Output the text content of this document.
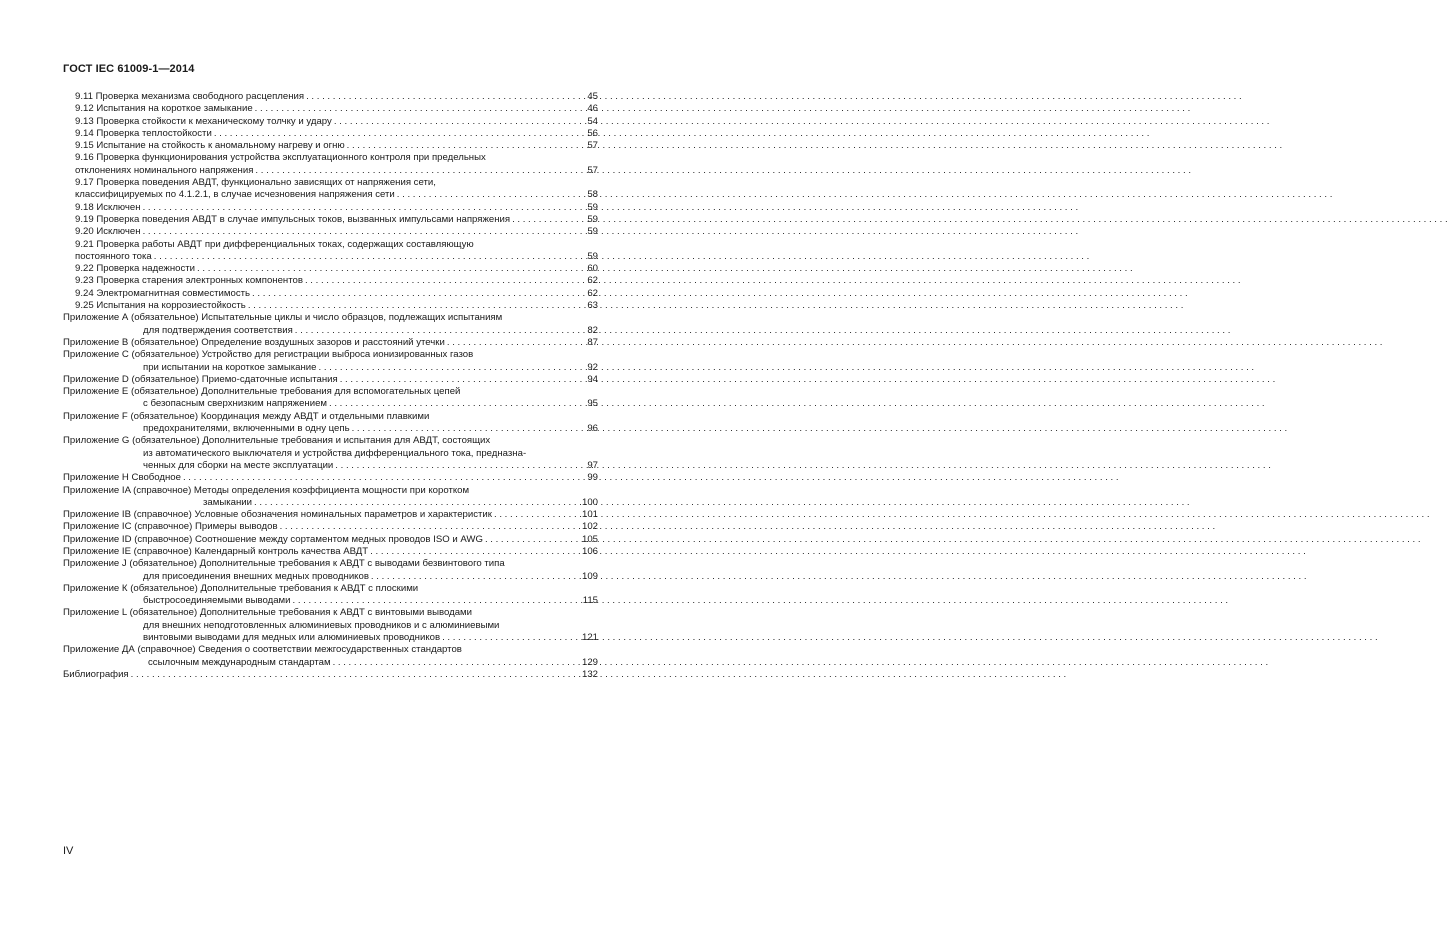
ГОСТ IEC 61009-1—2014
9.11 Проверка механизма свободного расцепления . . .	45
9.12 Испытания на короткое замыкание . . .	46
9.13 Проверка стойкости к механическому толчку и удару . . .	54
9.14 Проверка теплостойкости . . .	56
9.15 Испытание на стойкость к аномальному нагреву и огню . . .	57
9.16 Проверка функционирования устройства эксплуатационного контроля при предельных
отклонениях номинального напряжения . . .	57
9.17 Проверка поведения АВДТ, функционально зависящих от напряжения сети,
классифицируемых по 4.1.2.1, в случае исчезновения напряжения сети . . .	58
9.18 Исключен . . .	59
9.19 Проверка поведения АВДТ в случае импульсных токов, вызванных импульсами напряжения . . .	59
9.20 Исключен . . .	59
9.21 Проверка работы АВДТ при дифференциальных токах, содержащих составляющую
постоянного тока . . .	59
9.22 Проверка надежности . . .	60
9.23 Проверка старения электронных компонентов . . .	62
9.24 Электромагнитная совместимость . . .	62
9.25 Испытания на коррозиестойкость . . .	63
Приложение А (обязательное) Испытательные циклы и число образцов, подлежащих испытаниям
для подтверждения соответствия . . .	82
Приложение В (обязательное) Определение воздушных зазоров и расстояний утечки . . .	87
Приложение С (обязательное) Устройство для регистрации выброса ионизированных газов
при испытании на короткое замыкание . . .	92
Приложение D (обязательное) Приемо-сдаточные испытания . . .	94
Приложение Е (обязательное) Дополнительные требования для вспомогательных цепей
с безопасным сверхнизким напряжением . . .	95
Приложение F (обязательное) Координация между АВДТ и отдельными плавкими
предохранителями, включенными в одну цепь . . .	96
Приложение G (обязательное) Дополнительные требования и испытания для АВДТ, состоящих
из автоматического выключателя и устройства дифференциального тока, предназна-
ченных для сборки на месте эксплуатации . . .	97
Приложение Н Свободное . . .	99
Приложение IA (справочное) Методы определения коэффициента мощности при коротком
замыкании . . .	100
Приложение IB (справочное) Условные обозначения номинальных параметров и характеристик . . .	101
Приложение IC (справочное) Примеры выводов . . .	102
Приложение ID (справочное) Соотношение между сортаментом медных проводов ISO и AWG . . .	105
Приложение IE (справочное) Календарный контроль качества АВДТ . . .	106
Приложение J (обязательное) Дополнительные требования к АВДТ с выводами безвинтового типа
для присоединения внешних медных проводников . . .	109
Приложение К (обязательное) Дополнительные требования к АВДТ с плоскими
быстросоединяемыми выводами . . .	115
Приложение L (обязательное) Дополнительные требования к АВДТ с винтовыми выводами
для внешних неподготовленных алюминиевых проводников и с алюминиевыми
винтовыми выводами для медных или алюминиевых проводников . . .	121
Приложение ДА (справочное) Сведения о соответствии межгосударственных стандартов
ссылочным международным стандартам . . .	129
Библиография . . .	132
IV
